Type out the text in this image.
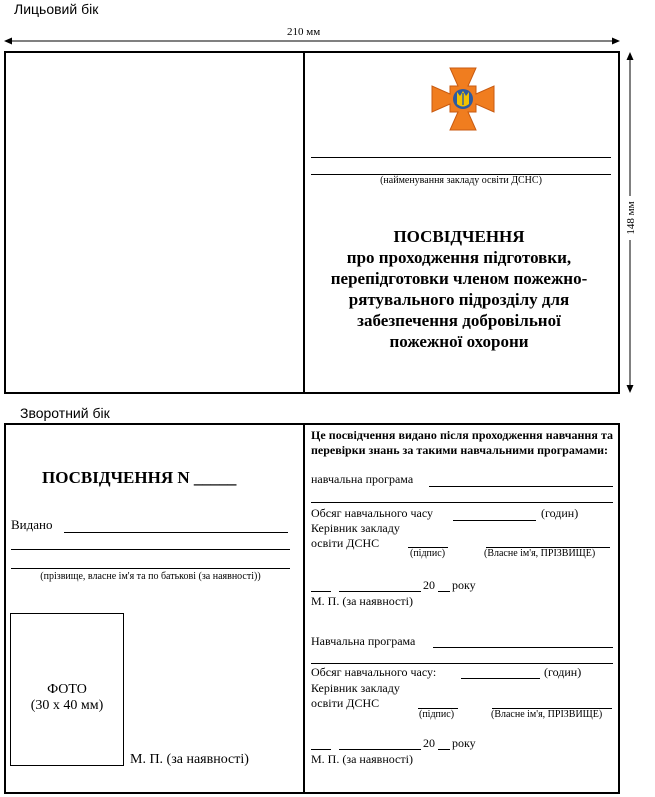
Лицьовий бік
210 мм
148 мм
(найменування закладу освіти ДСНС)
ПОСВІДЧЕННЯ
про проходження підготовки,
перепідготовки членом пожежно-
рятувального підрозділу для
забезпечення добровільної
пожежної охорони
Зворотний бік
ПОСВІДЧЕННЯ N _____
Видано
(прізвище, власне ім'я та по батькові (за наявності))
ФОТО
(30 х 40 мм)
М. П. (за наявності)
Це посвідчення видано після проходження навчання та перевірки знань за такими навчальними програмами:
навчальна програма
Обсяг навчального часу	(годин)
Керівник закладу
освіти ДСНС
(підпис)	(Власне ім'я, ПРІЗВИЩЕ)
20 року
М. П. (за наявності)
Навчальна програма
Обсяг навчального часу:	(годин)
Керівник закладу
освіти ДСНС
(підпис)	(Власне ім'я, ПРІЗВИЩЕ)
20 року
М. П. (за наявності)
